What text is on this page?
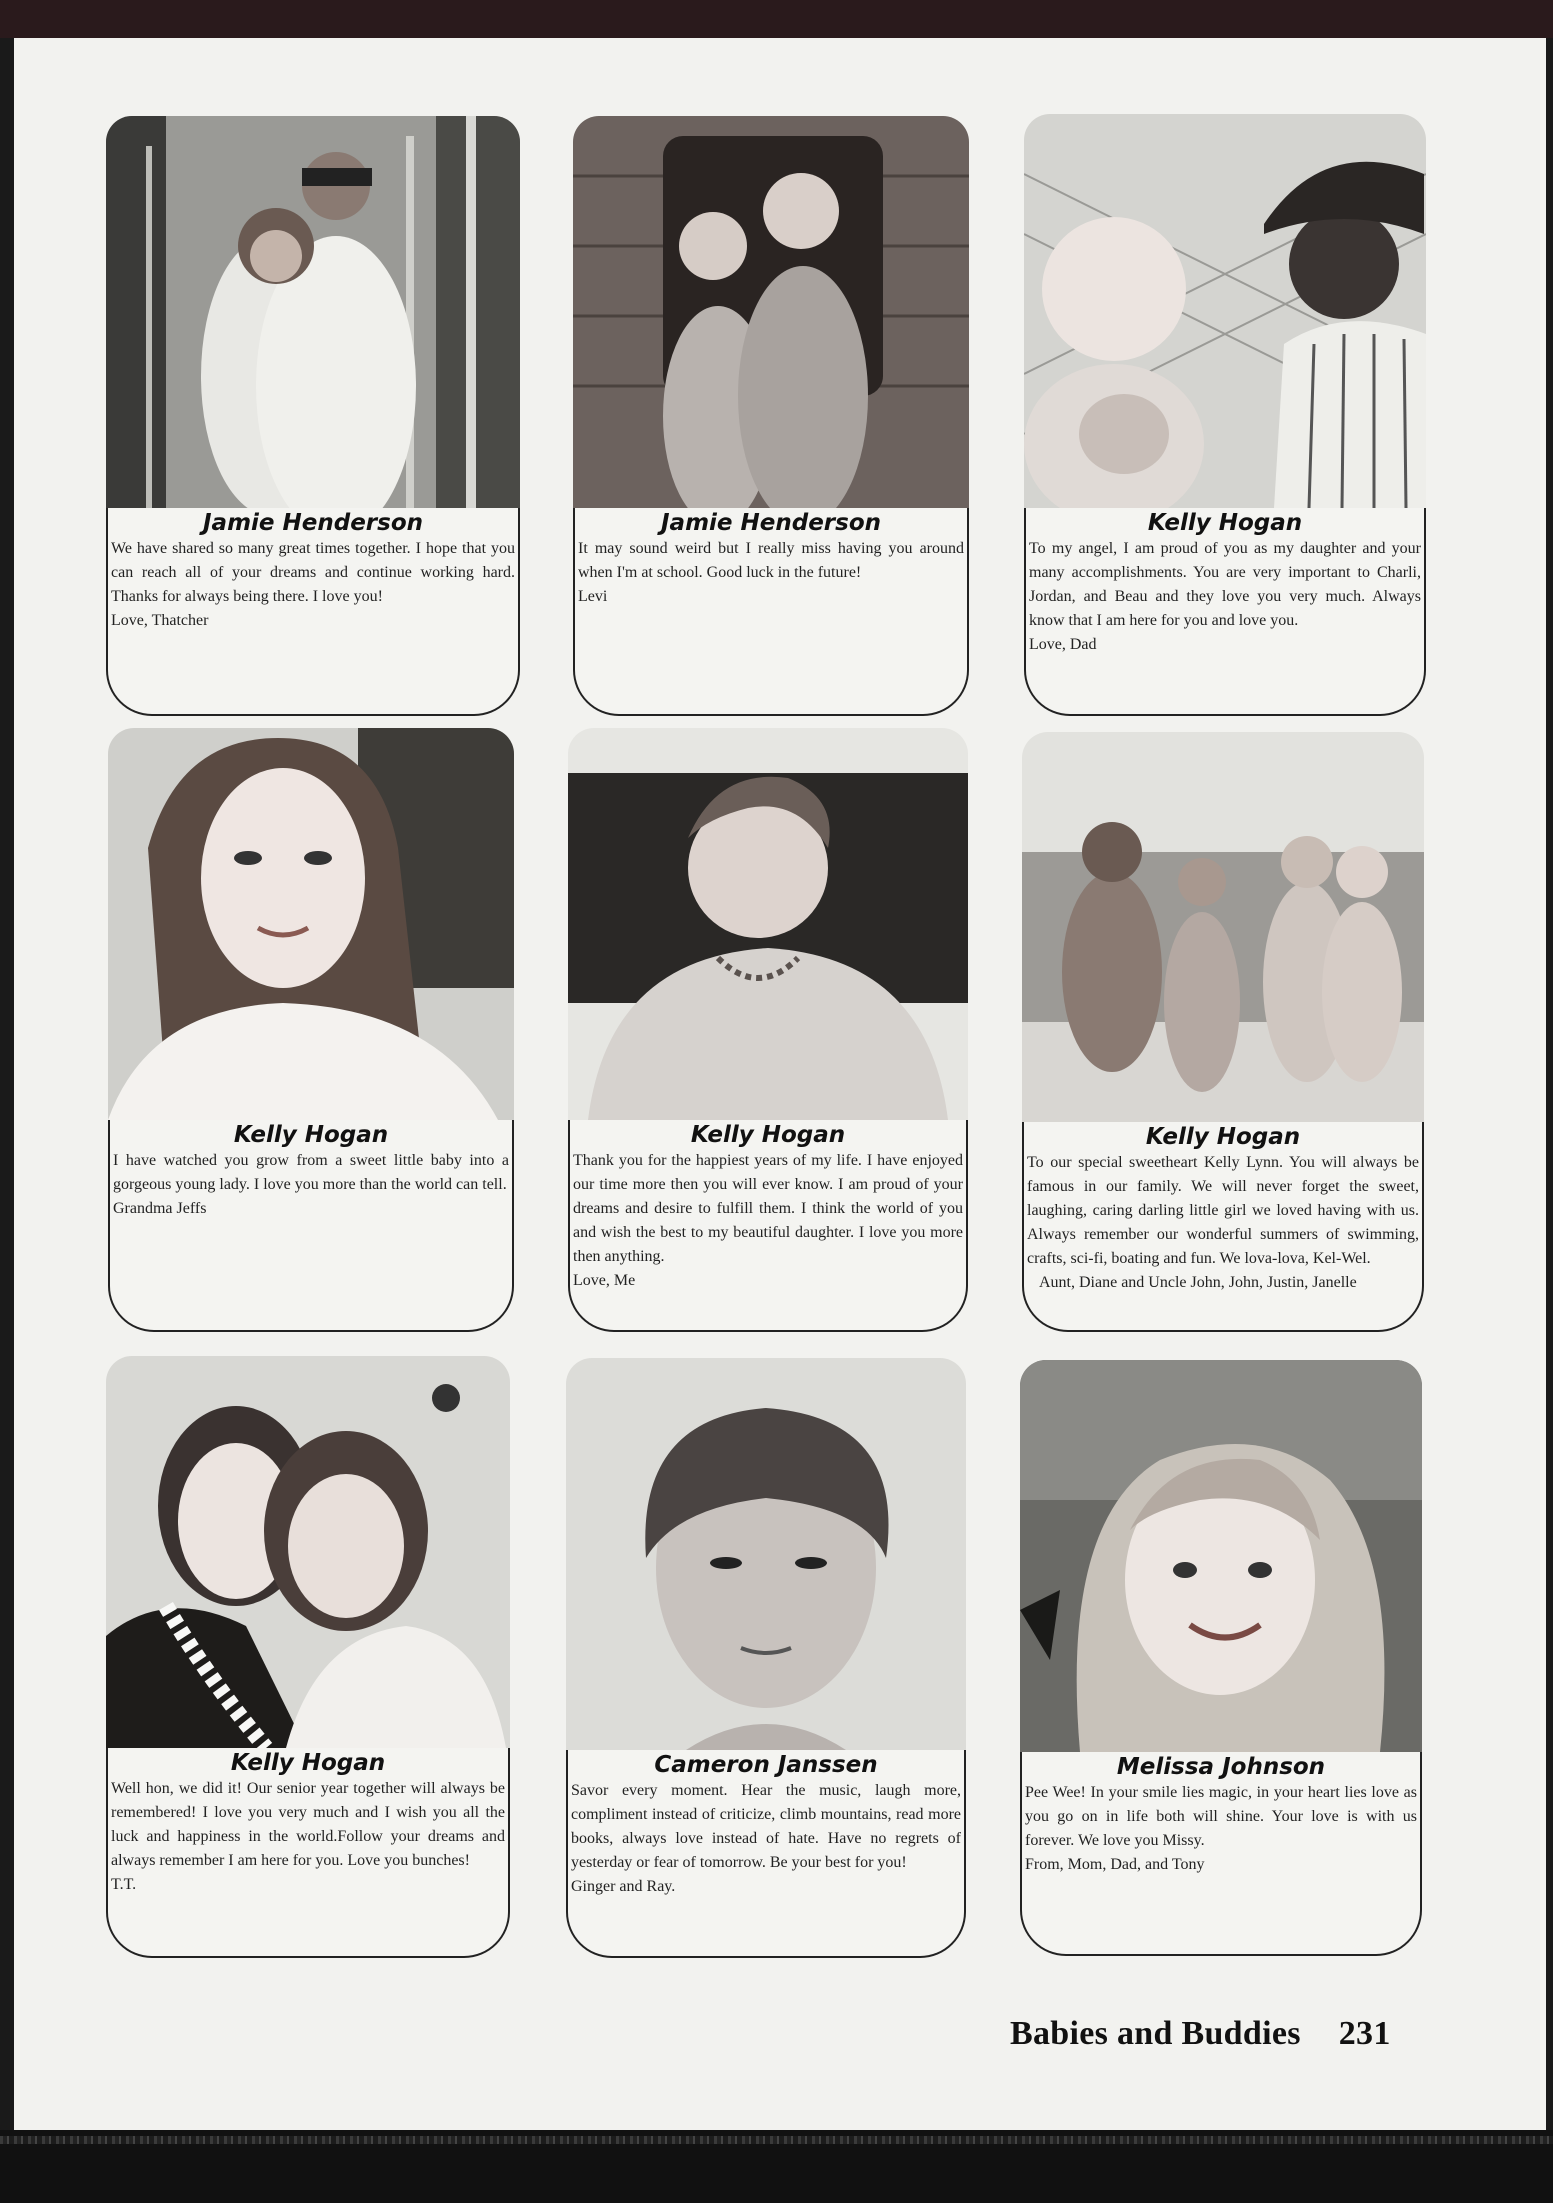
Jamie Henderson
We have shared so many great times together. I hope that you can reach all of your dreams and continue working hard. Thanks for always being there. I love you!
Love, Thatcher
Jamie Henderson
It may sound weird but I really miss having you around when I'm at school. Good luck in the future!
Levi
Kelly Hogan
To my angel, I am proud of you as my daughter and your many accomplishments. You are very important to Charli, Jordan, and Beau and they love you very much. Always know that I am here for you and love you.
Love, Dad
Kelly Hogan
I have watched you grow from a sweet little baby into a gorgeous young lady. I love you more than the world can tell.
Grandma Jeffs
Kelly Hogan
Thank you for the happiest years of my life. I have enjoyed our time more then you will ever know. I am proud of your dreams and desire to fulfill them. I think the world of you and wish the best to my beautiful daughter. I love you more then anything.
Love, Me
Kelly Hogan
To our special sweetheart Kelly Lynn. You will always be famous in our family. We will never forget the sweet, laughing, caring darling little girl we loved having with us. Always remember our wonderful summers of swimming, crafts, sci-fi, boating and fun. We lova-lova, Kel-Wel.
Aunt, Diane and Uncle John, John, Justin, Janelle
Kelly Hogan
Well hon, we did it! Our senior year together will always be remembered! I love you very much and I wish you all the luck and happiness in the world.Follow your dreams and always remember I am here for you. Love you bunches!
T.T.
Cameron Janssen
Savor every moment. Hear the music, laugh more, compliment instead of criticize, climb mountains, read more books, always love instead of hate. Have no regrets of yesterday or fear of tomorrow. Be your best for you!
Ginger and Ray.
Melissa Johnson
Pee Wee! In your smile lies magic, in your heart lies love as you go on in life both will shine. Your love is with us forever. We love you Missy.
From, Mom, Dad, and Tony
Babies and Buddies 231
